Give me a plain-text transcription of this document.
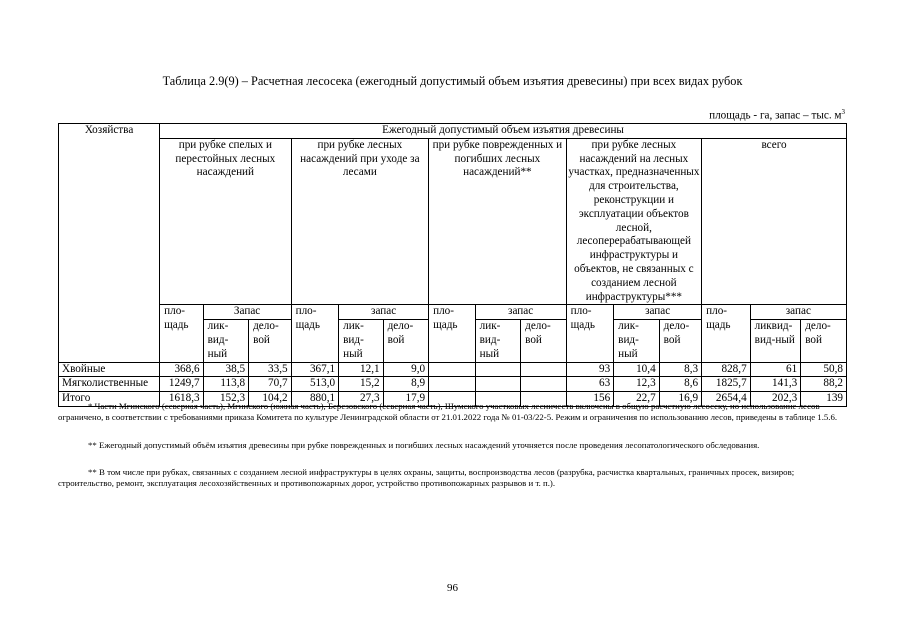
Таблица 2.9(9) – Расчетная лесосека (ежегодный допустимый объем изъятия древесины) при всех видах рубок
площадь - га, запас – тыс. $м^3$
Хозяйства	Ежегодный допустимый объем изъятия древесины														
	при рубке спелых и перестойных лесных насаждений			при рубке лесных насаждений при уходе за лесами			при рубке поврежденных и погибших лесных насаждений**			при рубке лесных насаждений на лесных участках, предназначенных для строительства, реконструкции и эксплуатации объектов лесной, лесоперерабатывающей инфраструктуры и объектов, не связанных с созданием лесной инфраструктуры***			всего		
	пло-щадь	Запас		пло-щадь	запас		пло-щадь	запас		пло-щадь	запас		пло-щадь	запас	
		лик-вид-ный	дело-вой		лик-вид-ный	дело-вой		лик-вид-ный	дело-вой		лик-вид-ный	дело-вой		ликвид-вид-ный	дело-вой
Хвойные	368,6	38,5	33,5	367,1	12,1	9,0				93	10,4	8,3	828,7	61	50,8
Мягколиственные	1249,7	113,8	70,7	513,0	15,2	8,9				63	12,3	8,6	1825,7	141,3	88,2
Итого	1618,3	152,3	104,2	880,1	27,3	17,9				156	22,7	16,9	2654,4	202,3	139

* Части Мгинского (северная часть), Мгинского (южная часть), Березовского (северная часть), Шумского участковых лесничеств включены в общую расчетную лесосеку, но использование лесов ограничено, в соответствии с требованиями приказа Комитета по культуре Ленинградской области от 21.01.2022 года № 01-03/22-5. Режим и ограничения по использованию лесов, приведены в таблице 1.5.6.

** Ежегодный допустимый объём изъятия древесины при рубке поврежденных и погибших лесных насаждений уточняется после проведения лесопатологического обследования.

** В том числе при рубках, связанных с созданием лесной инфраструктуры в целях охраны, защиты, воспроизводства лесов (разрубка, расчистка квартальных, граничных просек, визиров; строительство, ремонт, эксплуатация лесохозяйственных и противопожарных дорог, устройство противопожарных разрывов и т. п.).

96
